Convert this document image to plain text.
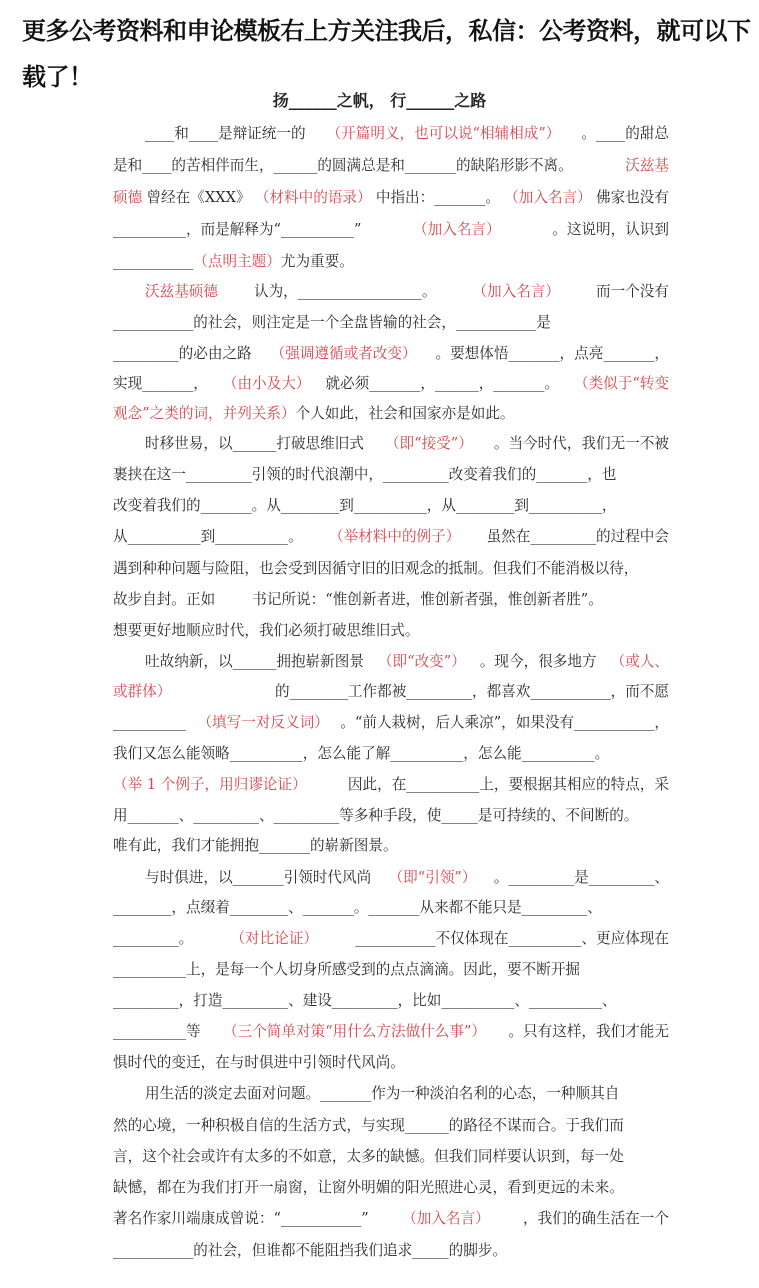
更多公考资料和申论模板右上方关注我后，私信：公考资料，就可以下载了！
扬______之帆， 行______之路
____和____是辩证统一的 （开篇明义，也可以说“相辅相成”） 。____的甜总
是和____的苦相伴而生，______的圆满总是和_______的缺陷形影不离。	沃兹基
硕德 曾经在《XXX》 （材料中的语录） 中指出：_______。 （加入名言） 佛家也没有
__________，而是解释为“__________”	（加入名言）	。这说明，认识到
___________ （点明主题） 尤为重要。
沃兹基硕德 认为，_________________。 （加入名言） 而一个没有
___________的社会，则注定是一个全盘皆输的社会，___________是
_________的必由之路 （强调遵循或者改变） 。要想体悟_______，点亮_______，
实现_______， （由小及大） 就必须_______，______，_______。 （类似于“转变
观念”之类的词，并列关系） 个人如此，社会和国家亦是如此。
时移世易，以______打破思维旧式 （即“接受”） 。当今时代，我们无一不被
裹挟在这一_________引领的时代浪潮中，_________改变着我们的_______，也
改变着我们的_______。从________到__________，从________到__________，
从__________到__________。 （举材料中的例子） 虽然在_________的过程中会
遇到种种问题与险阻，也会受到因循守旧的旧观念的抵制。但我们不能消极以待，
故步自封。正如        书记所说：“惟创新者进，惟创新者强，惟创新者胜”。
想要更好地顺应时代，我们必须打破思维旧式。
吐故纳新，以______拥抱崭新图景 （即“改变”） 。现今，很多地方 （或人、
或群体）	的________工作都被_________，都喜欢___________，而不愿
__________ （填写一对反义词） 。“前人栽树，后人乘凉”，如果没有___________，
我们又怎么能领略__________，怎么能了解__________，怎么能__________。
（举 1 个例子，用归谬论证）	因此，在__________上，要根据其相应的特点，采
用_______、_________、_________等多种手段，使_____是可持续的、不间断的。
唯有此，我们才能拥抱_______的崭新图景。
与时俱进，以_______引领时代风尚 （即“引领”） 。_________是_________、
________，点缀着________、_______。_______从来都不能只是_________、
_________。	（对比论证）	___________不仅体现在__________、更应体现在
__________上，是每一个人切身所感受到的点点滴滴。因此，要不断开掘
_________，打造_________、建设_________，比如__________、__________、
__________等 （三个简单对策“用什么方法做什么事”） 。只有这样，我们才能无
惧时代的变迁，在与时俱进中引领时代风尚。
用生活的淡定去面对问题。_______作为一种淡泊名利的心态，一种顺其自
然的心境，一种积极自信的生活方式，与实现______的路径不谋而合。于我们而
言，这个社会或许有太多的不如意，太多的缺憾。但我们同样要认识到，每一处
缺憾，都在为我们打开一扇窗，让窗外明媚的阳光照进心灵，看到更远的未来。
著名作家川端康成曾说：“___________” （加入名言） ，我们的确生活在一个
___________的社会，但谁都不能阻挡我们追求_____的脚步。
